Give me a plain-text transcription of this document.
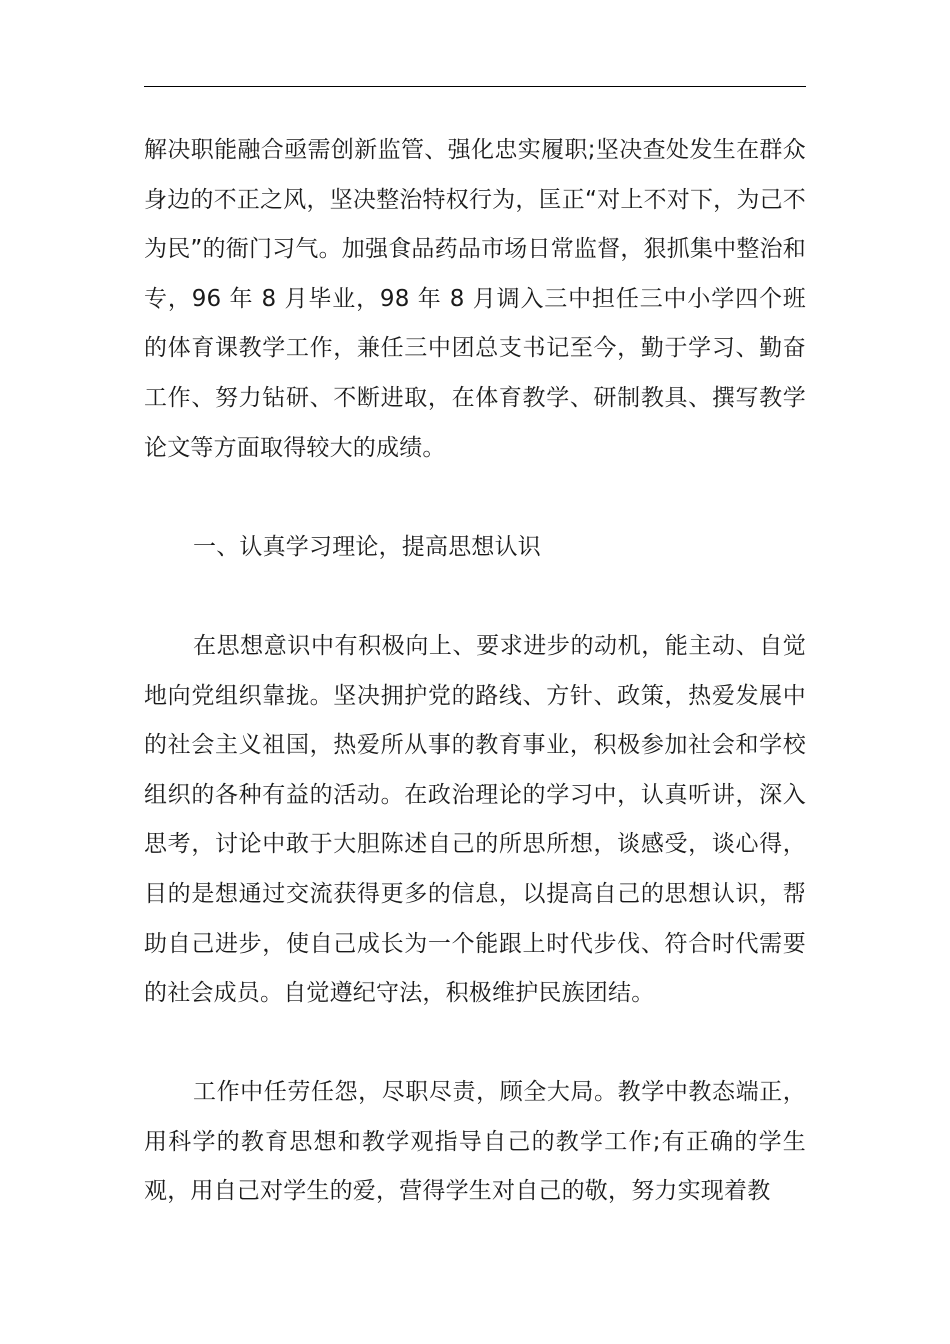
解决职能融合亟需创新监管、强化忠实履职;坚决查处发生在群众身边的不正之风，坚决整治特权行为，匡正“对上不对下，为己不为民”的衙门习气。加强食品药品市场日常监督，狠抓集中整治和专，96 年 8 月毕业，98 年 8 月调入三中担任三中小学四个班的体育课教学工作，兼任三中团总支书记至今，勤于学习、勤奋工作、努力钻研、不断进取，在体育教学、研制教具、撰写教学论文等方面取得较大的成绩。

一、认真学习理论，提高思想认识

在思想意识中有积极向上、要求进步的动机，能主动、自觉地向党组织靠拢。坚决拥护党的路线、方针、政策，热爱发展中的社会主义祖国，热爱所从事的教育事业，积极参加社会和学校组织的各种有益的活动。在政治理论的学习中，认真听讲，深入思考，讨论中敢于大胆陈述自己的所思所想，谈感受，谈心得，目的是想通过交流获得更多的信息，以提高自己的思想认识，帮助自己进步，使自己成长为一个能跟上时代步伐、符合时代需要的社会成员。自觉遵纪守法，积极维护民族团结。

工作中任劳任怨，尽职尽责，顾全大局。教学中教态端正，用科学的教育思想和教学观指导自己的教学工作;有正确的学生观，用自己对学生的爱，营得学生对自己的敬，努力实现着教
